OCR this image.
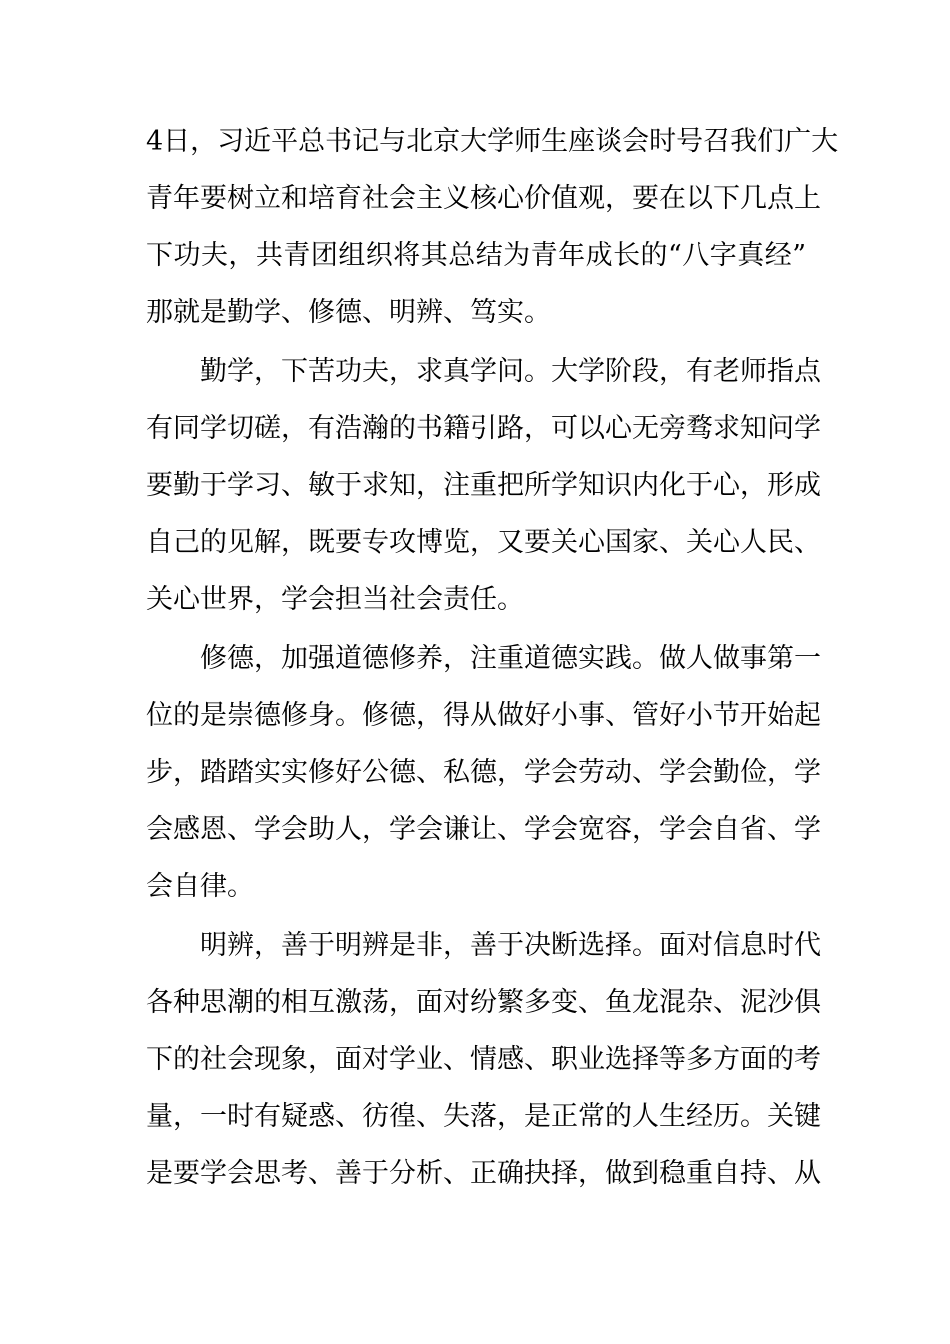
4日，习近平总书记与北京大学师生座谈会时号召我们广大
青年要树立和培育社会主义核心价值观，要在以下几点上
下功夫，共青团组织将其总结为青年成长的“八字真经”
那就是勤学、修德、明辨、笃实。
勤学，下苦功夫，求真学问。大学阶段，有老师指点
有同学切磋，有浩瀚的书籍引路，可以心无旁骛求知问学
要勤于学习、敏于求知，注重把所学知识内化于心，形成
自己的见解，既要专攻博览，又要关心国家、关心人民、
关心世界，学会担当社会责任。
修德，加强道德修养，注重道德实践。做人做事第一
位的是崇德修身。修德，得从做好小事、管好小节开始起
步，踏踏实实修好公德、私德，学会劳动、学会勤俭，学
会感恩、学会助人，学会谦让、学会宽容，学会自省、学
会自律。
明辨，善于明辨是非，善于决断选择。面对信息时代
各种思潮的相互激荡，面对纷繁多变、鱼龙混杂、泥沙俱
下的社会现象，面对学业、情感、职业选择等多方面的考
量，一时有疑惑、彷徨、失落，是正常的人生经历。关键
是要学会思考、善于分析、正确抉择，做到稳重自持、从
